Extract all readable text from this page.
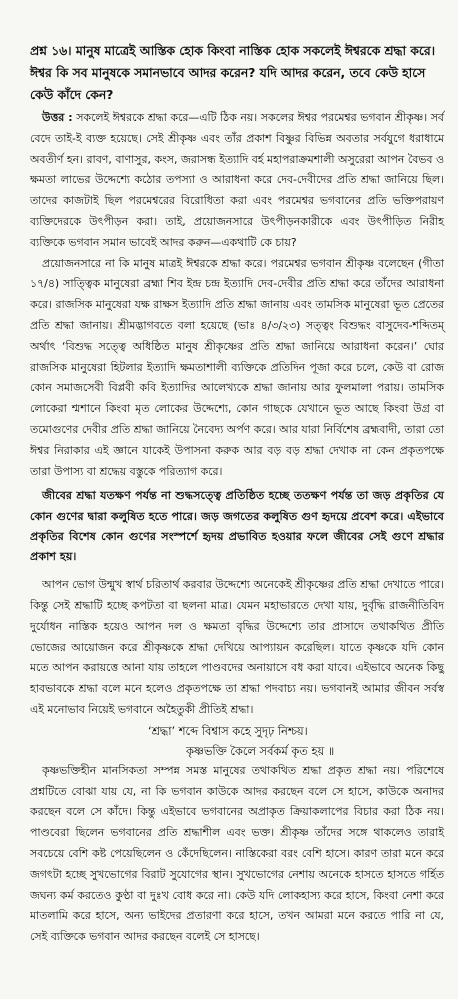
প্রশ্ন ১৬। মানুষ মাত্রেই আস্তিক হোক কিংবা নাস্তিক হোক সকলেই ঈশ্বরকে শ্রদ্ধা করে। ঈশ্বর কি সব মানুষকে সমানভাবে আদর করেন? যদি আদর করেন, তবে কেউ হাসে কেউ কাঁদে কেন?

উত্তর : সকলেই ঈশ্বরকে শ্রদ্ধা করে—এটি ঠিক নয়। সকলের ঈশ্বর পরমেশ্বর ভগবান শ্রীকৃষ্ণ। সর্ব বেদে তাই-ই ব্যক্ত হয়েছে। সেই শ্রীকৃষ্ণ এবং তাঁর প্রকাশ বিষ্ণুর বিভিন্ন অবতার সর্বযুগে ধরাধামে অবতীর্ণ হন। রাবণ, বাণাসুর, কংস, জরাসন্ধ ইত্যাদি বর্হ মহাপরাক্রমশালী অসুরেরা আপন বৈভব ও ক্ষমতা লাভের উদ্দেশ্যে কঠোর তপস্যা ও আরাধনা করে দেব-দেবীদের প্রতি শ্রদ্ধা জানিয়ে ছিল। তাদের কাজটাই ছিল পরমেশ্বরের বিরোধিতা করা এবং পরমেশ্বর ভগবানের প্রতি ভক্তিপরায়ণ ব্যক্তিদেরকে উৎপীড়ন করা। তাই, প্রয়োজনসারে উৎপীড়নকারীকে এবং উৎপীড়িত নিরীহ ব্যক্তিকে ভগবান সমান ভাবেই আদর করুন—একথাটি কে চায়?

প্রয়োজনসারে না কি মানুষ মাত্রই ঈশ্বরকে শ্রদ্ধা করে। পরমেশ্বর ভগবান শ্রীকৃষ্ণ বলেছেন (গীতা ১৭/৪) সাত্ত্বিক মানুষেরা ব্রহ্মা শিব ইন্দ্র চন্দ্র ইত্যাদি দেব-দেবীর প্রতি শ্রদ্ধা করে তাঁদের আরাধনা করে। রাজসিক মানুষেরা যক্ষ রাক্ষস ইত্যাদি প্রতি শ্রদ্ধা জানায় এবং তামসিক মানুষেরা ভূত প্রেতের প্রতি শ্রদ্ধা জানায়। শ্রীমদ্ভাগবতে বলা হয়েছে (ভাঃ ৪/৩/২৩) সত্ত্বং বিশুদ্ধং বাসুদেব-শব্দিতম্ অর্থাৎ ‘বিশুদ্ধ সত্ত্বে অধিষ্ঠিত মানুষ শ্রীকৃষ্ণের প্রতি শ্রদ্ধা জানিয়ে আরাধনা করেন।’ ঘোর রাজসিক মানুষেরা হিটলার ইত্যাদি ক্ষমতাশালী ব্যক্তিকে প্রতিদিন পূজা করে চলে, কেউ বা রোজ কোন সমাজসেবী বিপ্লবী কবি ইত্যাদির আলেখ্যকে শ্রদ্ধা জানায় আর ফুলমালা পরায়। তামসিক লোকেরা শ্মশানে কিংবা মৃত লোকের উদ্দেশ্যে, কোন গাছকে যেখানে ভূত আছে কিংবা উগ্র বা তমোগুণের দেবীর প্রতি শ্রদ্ধা জানিয়ে নৈবেদ্য অর্পণ করে। আর যারা নির্বিশেষ ব্রহ্মবাদী, তারা তো ঈশ্বর নিরাকার এই জ্ঞানে যাকেই উপাসনা করুক আর বড় বড় শ্রদ্ধা দেখাক না কেন প্রকৃতপক্ষে তারা উপাস্য বা শ্রদ্ধেয় বস্তুকে পরিত্যাগ করে।

জীবের শ্রদ্ধা যতক্ষণ পর্যন্ত না শুদ্ধসত্ত্বে প্রতিষ্ঠিত হচ্ছে ততক্ষণ পর্যন্ত তা জড় প্রকৃতির যে কোন গুণের দ্বারা কলুষিত হতে পারে। জড় জগতের কলুষিত গুণ হৃদয়ে প্রবেশ করে। এইভাবে প্রকৃতির বিশেষ কোন গুণের সংস্পর্শে হৃদয় প্রভাবিত হওয়ার ফলে জীবের সেই গুণে শ্রদ্ধার প্রকাশ হয়।

আপন ভোগ উন্মুখ স্বার্থ চরিতার্থ করবার উদ্দেশ্যে অনেকেই শ্রীকৃষ্ণের প্রতি শ্রদ্ধা দেখাতে পারে। কিন্তু সেই শ্রদ্ধাটি হচ্ছে কপটতা বা ছলনা মাত্র। যেমন মহাভারতে দেখা যায়, দুর্বৃদ্ধি রাজনীতিবিদ দুর্যোধন নাস্তিক হয়েও আপন দল ও ক্ষমতা বৃদ্ধির উদ্দেশ্যে তার প্রাসাদে তথাকথিত প্রীতি ভোজের আয়োজন করে শ্রীকৃষ্ণকে শ্রদ্ধা দেখিয়ে আপ্যায়ন করেছিল। যাতে কৃষ্ণকে যদি কোন মতে আপন করায়ত্তে আনা যায় তাহলে পাণ্ডবদের অনায়াসে বধ করা যাবে। এইভাবে অনেক কিছু হাবভাবকে শ্রদ্ধা বলে মনে হলেও প্রকৃতপক্ষে তা শ্রদ্ধা পদবাচ্য নয়। ভগবানই আমার জীবন সর্বস্ব এই মনোভাব নিয়েই ভগবানে অহৈতুকী প্রীতিই শ্রদ্ধা।

‘শ্রদ্ধা’ শব্দে বিশ্বাস কহে সুদৃঢ় নিশ্চয়।

কৃষ্ণভক্তি কৈলে সর্বকর্ম কৃত হয় ॥

কৃষ্ণভক্তিহীন মানসিকতা সম্পন্ন সমস্ত মানুষের তথাকথিত শ্রদ্ধা প্রকৃত শ্রদ্ধা নয়। পরিশেষে প্রশ্নটিতে বোঝা যায় যে, না কি ভগবান কাউকে আদর করছেন বলে সে হাসে, কাউকে অনাদর করছেন বলে সে কাঁদে। কিন্তু এইভাবে ভগবানের অপ্রাকৃত ক্রিয়াকলাপের বিচার করা ঠিক নয়। পাণ্ডবেরা ছিলেন ভগবানের প্রতি শ্রদ্ধাশীল এবং ভক্ত। শ্রীকৃষ্ণ তাঁদের সঙ্গে থাকলেও তারাই সবচেয়ে বেশি কষ্ট পেয়েছিলেন ও কেঁদেছিলেন। নাস্তিকেরা বরং বেশি হাসে। কারণ তারা মনে করে জগৎটা হচ্ছে সুখভোগের বিরাট সুযোগের স্থান। সুখভোগের নেশায় অনেকে হাসতে হাসতে গর্হিত জঘন্য কর্ম করতেও কুণ্ঠা বা দুঃখ বোধ করে না। কেউ যদি লোকহাস্য করে হাসে, কিংবা নেশা করে মাতলামি করে হাসে, অন্য ভাইদের প্রতারণা করে হাসে, তখন আমরা মনে করতে পারি না যে, সেই ব্যক্তিকে ভগবান আদর করছেন বলেই সে হাসছে।
